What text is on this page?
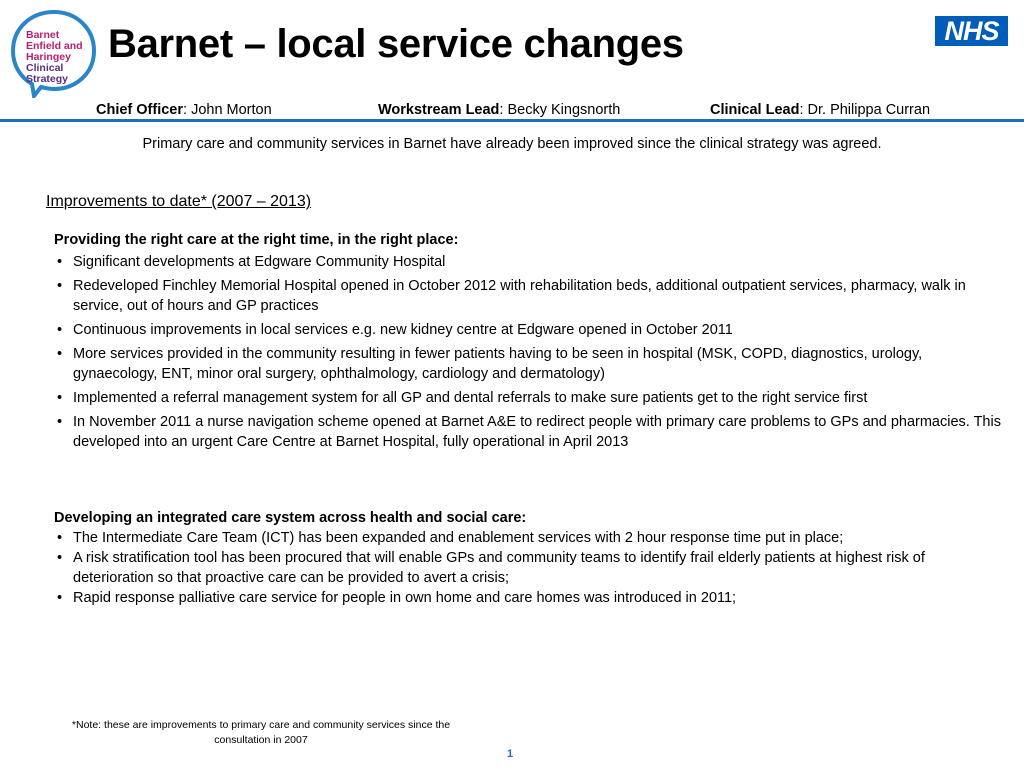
Barnet
Enfield and
Haringey
Clinical
Strategy
Barnet – local service changes	NHS
Chief Officer: John Morton	Workstream Lead: Becky Kingsnorth	Clinical Lead: Dr. Philippa Curran

Primary care and community services in Barnet have already been improved since the clinical strategy was agreed.

Improvements to date* (2007 – 2013)
Providing the right care at the right time, in the right place:
• Significant developments at Edgware Community Hospital
• Redeveloped Finchley Memorial Hospital opened in October 2012 with rehabilitation beds, additional outpatient services, pharmacy, walk in service, out of hours and GP practices
• Continuous improvements in local services e.g. new kidney centre at Edgware opened in October 2011
• More services provided in the community resulting in fewer patients having to be seen in hospital (MSK, COPD, diagnostics, urology, gynaecology, ENT, minor oral surgery, ophthalmology, cardiology and dermatology)
• Implemented a referral management system for all GP and dental referrals to make sure patients get to the right service first
• In November 2011 a nurse navigation scheme opened at Barnet A&E to redirect people with primary care problems to GPs and pharmacies. This developed into an urgent Care Centre at Barnet Hospital, fully operational in April 2013
Developing an integrated care system across health and social care:
• The Intermediate Care Team (ICT) has been expanded and enablement services with 2 hour response time put in place;
• A risk stratification tool has been procured that will enable GPs and community teams to identify frail elderly patients at highest risk of deterioration so that proactive care can be provided to avert a crisis;
• Rapid response palliative care service for people in own home and care homes was introduced in 2011;
*Note: these are improvements to primary care and community services since the
consultation in 2007
1
